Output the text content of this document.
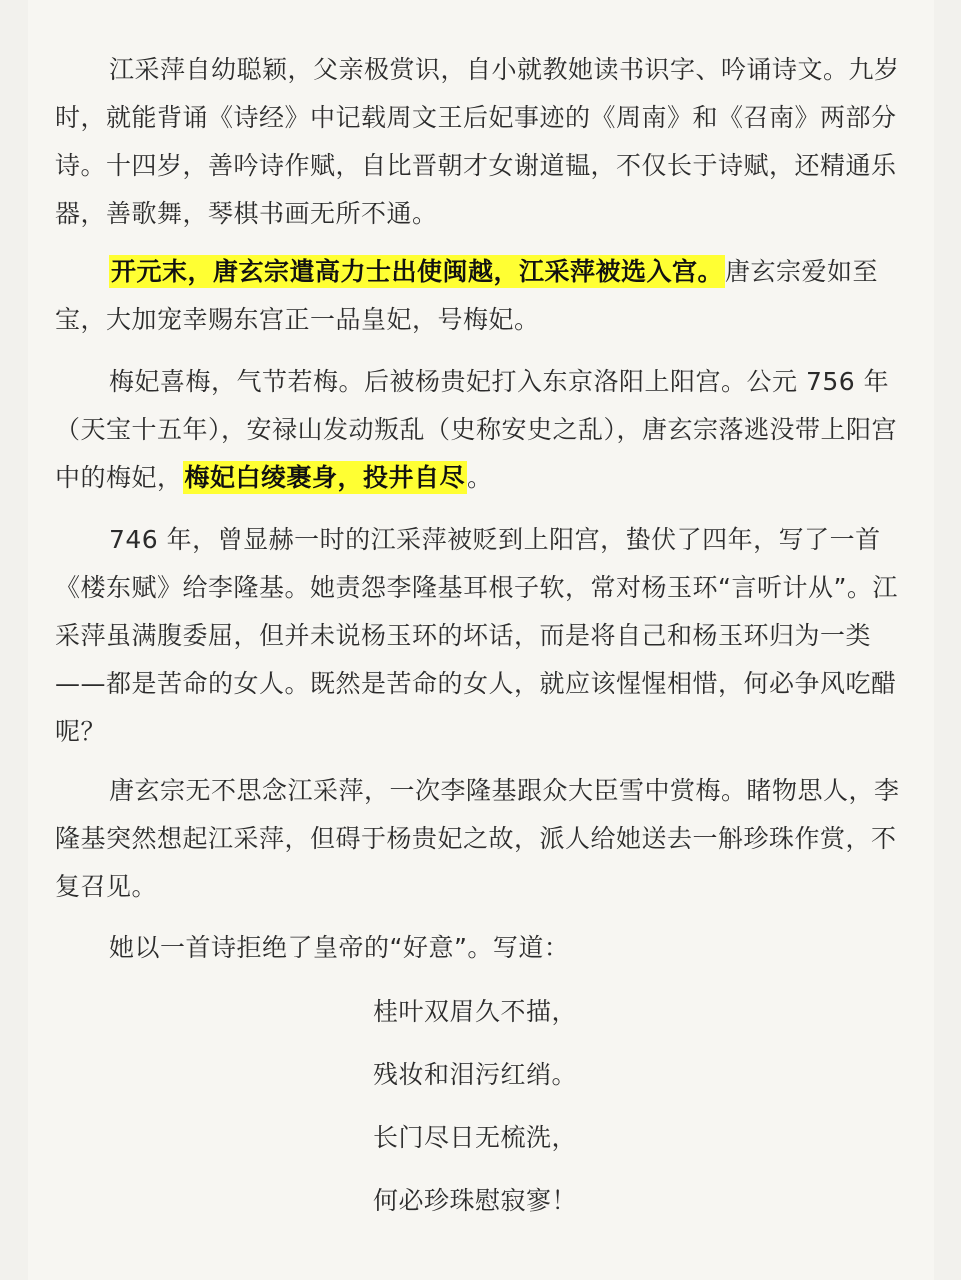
江采萍自幼聪颖，父亲极赏识，自小就教她读书识字、吟诵诗文。九岁时，就能背诵《诗经》中记载周文王后妃事迹的《周南》和《召南》两部分诗。十四岁，善吟诗作赋，自比晋朝才女谢道韫，不仅长于诗赋，还精通乐器，善歌舞，琴棋书画无所不通。

开元末，唐玄宗遣高力士出使闽越，江采萍被选入宫。唐玄宗爱如至宝，大加宠幸赐东宫正一品皇妃，号梅妃。

梅妃喜梅，气节若梅。后被杨贵妃打入东京洛阳上阳宫。公元 756 年（天宝十五年），安禄山发动叛乱（史称安史之乱），唐玄宗落逃没带上阳宫中的梅妃，梅妃白绫裹身，投井自尽。

746 年，曾显赫一时的江采萍被贬到上阳宫，蛰伏了四年，写了一首《楼东赋》给李隆基。她责怨李隆基耳根子软，常对杨玉环“言听计从”。江采萍虽满腹委屈，但并未说杨玉环的坏话，而是将自己和杨玉环归为一类——都是苦命的女人。既然是苦命的女人，就应该惺惺相惜，何必争风吃醋呢？

唐玄宗无不思念江采萍，一次李隆基跟众大臣雪中赏梅。睹物思人，李隆基突然想起江采萍，但碍于杨贵妃之故，派人给她送去一斛珍珠作赏，不复召见。

她以一首诗拒绝了皇帝的“好意”。写道：

桂叶双眉久不描，

残妆和泪污红绡。

长门尽日无梳洗，

何必珍珠慰寂寥！
